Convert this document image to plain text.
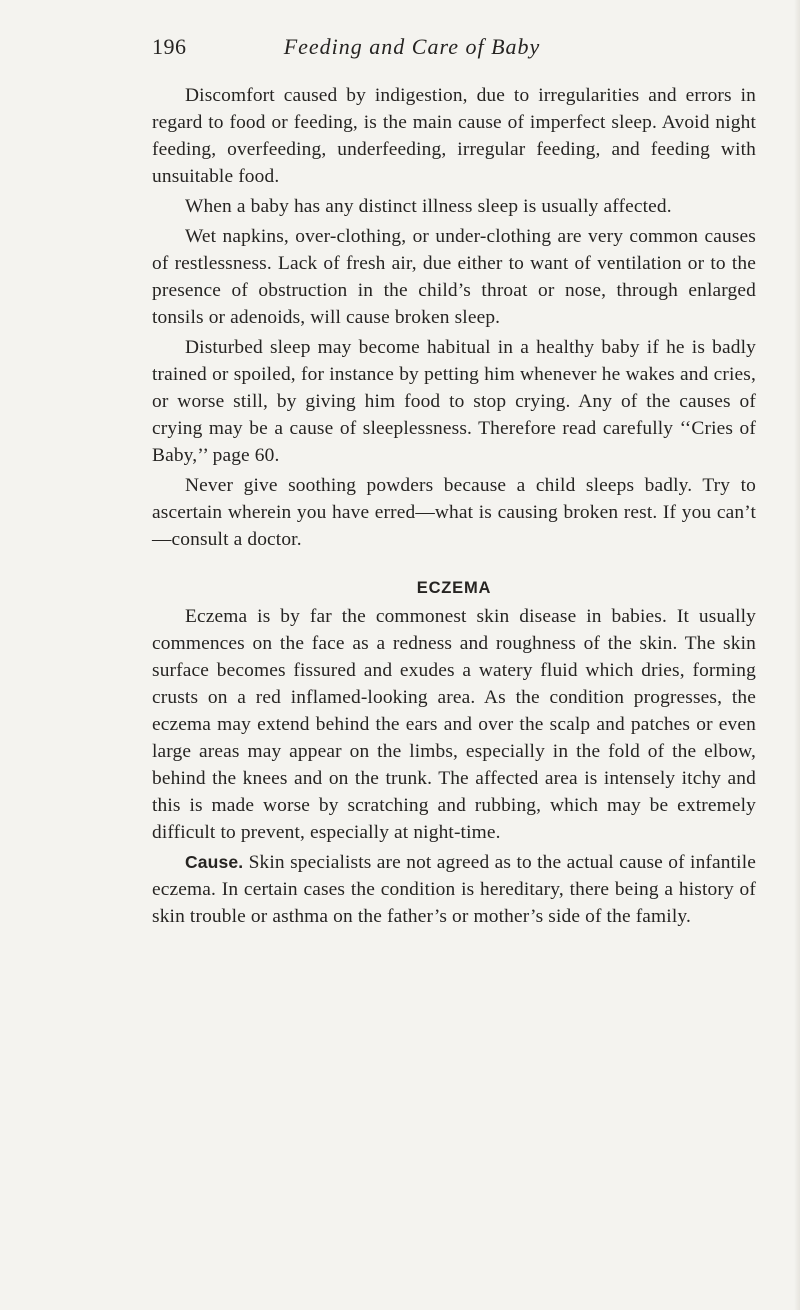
196	Feeding and Care of Baby

Discomfort caused by indigestion, due to irregularities and errors in regard to food or feeding, is the main cause of imperfect sleep. Avoid night feeding, overfeeding, underfeeding, irregular feeding, and feeding with unsuitable food.

When a baby has any distinct illness sleep is usually affected.

Wet napkins, over-clothing, or under-clothing are very common causes of restlessness. Lack of fresh air, due either to want of ventilation or to the presence of obstruction in the child’s throat or nose, through enlarged tonsils or adenoids, will cause broken sleep.

Disturbed sleep may become habitual in a healthy baby if he is badly trained or spoiled, for instance by petting him whenever he wakes and cries, or worse still, by giving him food to stop crying. Any of the causes of crying may be a cause of sleeplessness. Therefore read carefully ‘‘Cries of Baby,’’ page 60.

Never give soothing powders because a child sleeps badly. Try to ascertain wherein you have erred—what is causing broken rest. If you can’t—consult a doctor.

ECZEMA

Eczema is by far the commonest skin disease in babies. It usually commences on the face as a redness and roughness of the skin. The skin surface becomes fissured and exudes a watery fluid which dries, forming crusts on a red inflamed-looking area. As the condition progresses, the eczema may extend behind the ears and over the scalp and patches or even large areas may appear on the limbs, especially in the fold of the elbow, behind the knees and on the trunk. The affected area is intensely itchy and this is made worse by scratching and rubbing, which may be extremely difficult to prevent, especially at night-time.

Cause. Skin specialists are not agreed as to the actual cause of infantile eczema. In certain cases the condition is hereditary, there being a history of skin trouble or asthma on the father’s or mother’s side of the family.
